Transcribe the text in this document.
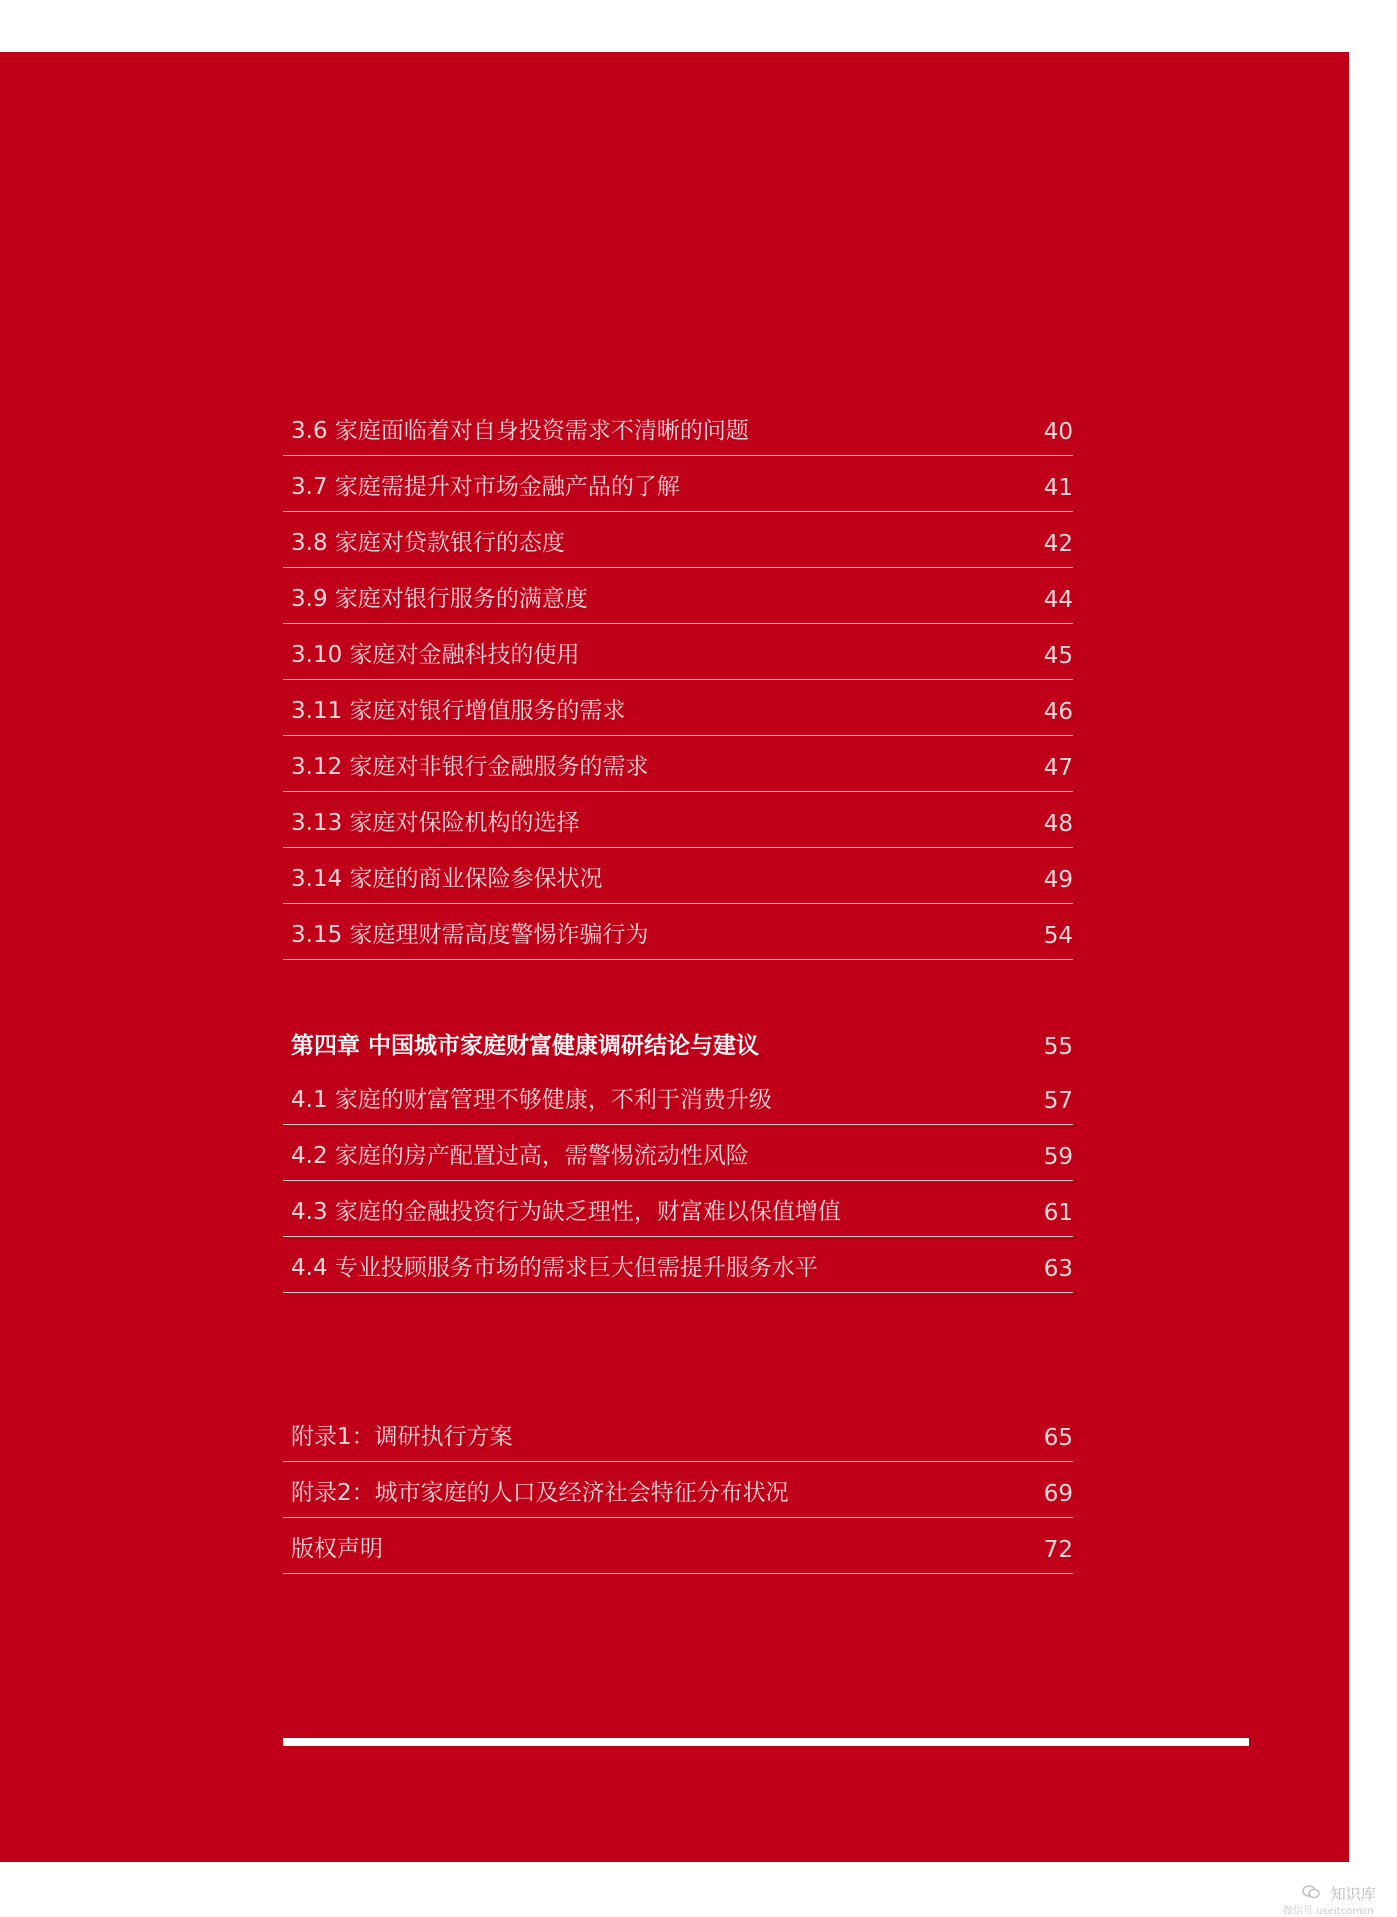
3.6 家庭面临着对自身投资需求不清晰的问题	40
3.7 家庭需提升对市场金融产品的了解	41
3.8 家庭对贷款银行的态度	42
3.9 家庭对银行服务的满意度	44
3.10 家庭对金融科技的使用	45
3.11 家庭对银行增值服务的需求	46
3.12 家庭对非银行金融服务的需求	47
3.13 家庭对保险机构的选择	48
3.14 家庭的商业保险参保状况	49
3.15 家庭理财需高度警惕诈骗行为	54
第四章 中国城市家庭财富健康调研结论与建议	55
4.1 家庭的财富管理不够健康，不利于消费升级	57
4.2 家庭的房产配置过高，需警惕流动性风险	59
4.3 家庭的金融投资行为缺乏理性，财富难以保值增值	61
4.4 专业投顾服务市场的需求巨大但需提升服务水平	63
附录1：调研执行方案	65
附录2：城市家庭的人口及经济社会特征分布状况	69
版权声明	72
知识库
微信号 useitcomcn
